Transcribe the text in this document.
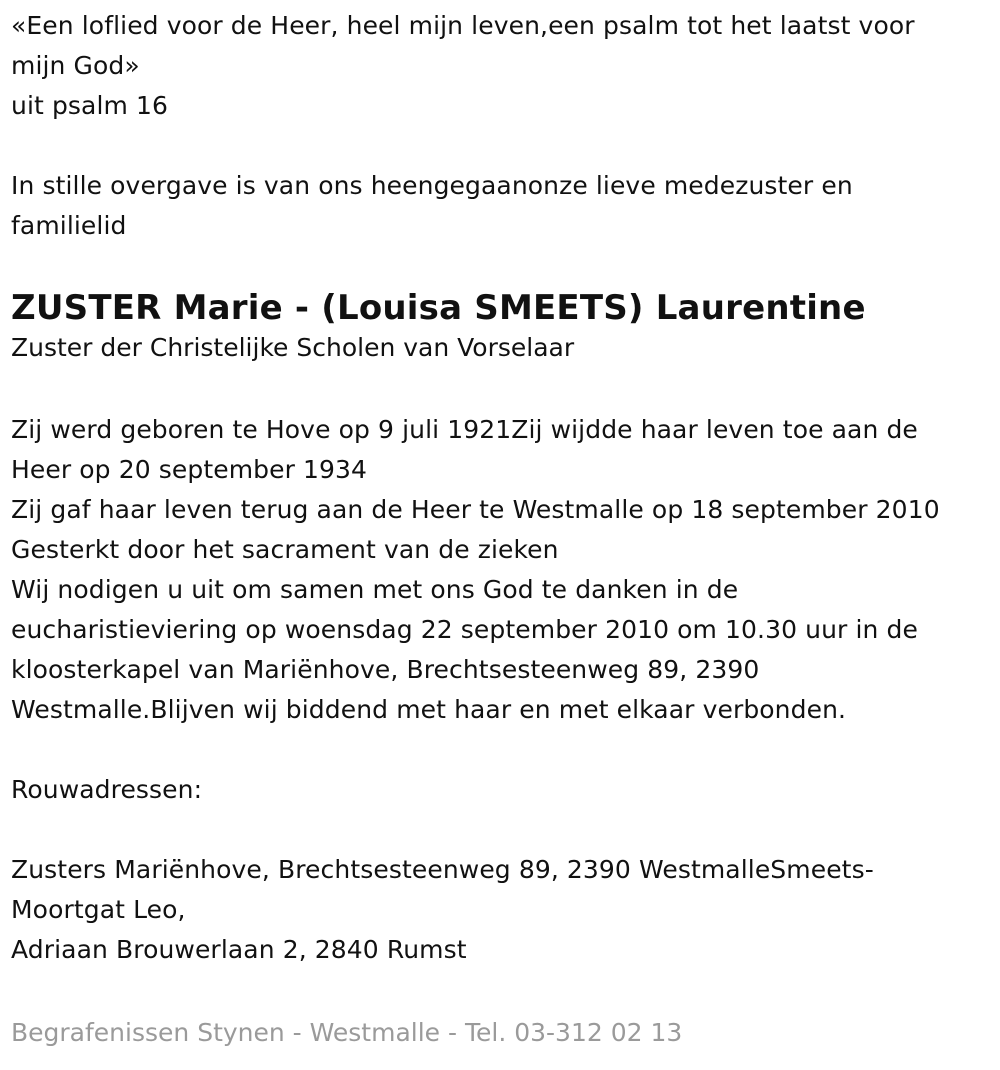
«Een loflied voor de Heer, heel mijn leven,een psalm tot het laatst voor

mijn God»

uit psalm 16

In stille overgave is van ons heengegaanonze lieve medezuster en

familielid

ZUSTER Marie - (Louisa SMEETS) Laurentine

Zuster der Christelijke Scholen van Vorselaar

Zij werd geboren te Hove op 9 juli 1921Zij wijdde haar leven toe aan de

Heer op 20 september 1934

Zij gaf haar leven terug aan de Heer te Westmalle op 18 september 2010

Gesterkt door het sacrament van de zieken

Wij nodigen u uit om samen met ons God te danken in de

eucharistieviering op woensdag 22 september 2010 om 10.30 uur in de

kloosterkapel van Mariënhove, Brechtsesteenweg 89, 2390

Westmalle.Blijven wij biddend met haar en met elkaar verbonden.

Rouwadressen:

Zusters Mariënhove, Brechtsesteenweg 89, 2390 WestmalleSmeets-

Moortgat Leo,

Adriaan Brouwerlaan 2, 2840 Rumst

Begrafenissen Stynen - Westmalle - Tel. 03-312 02 13
